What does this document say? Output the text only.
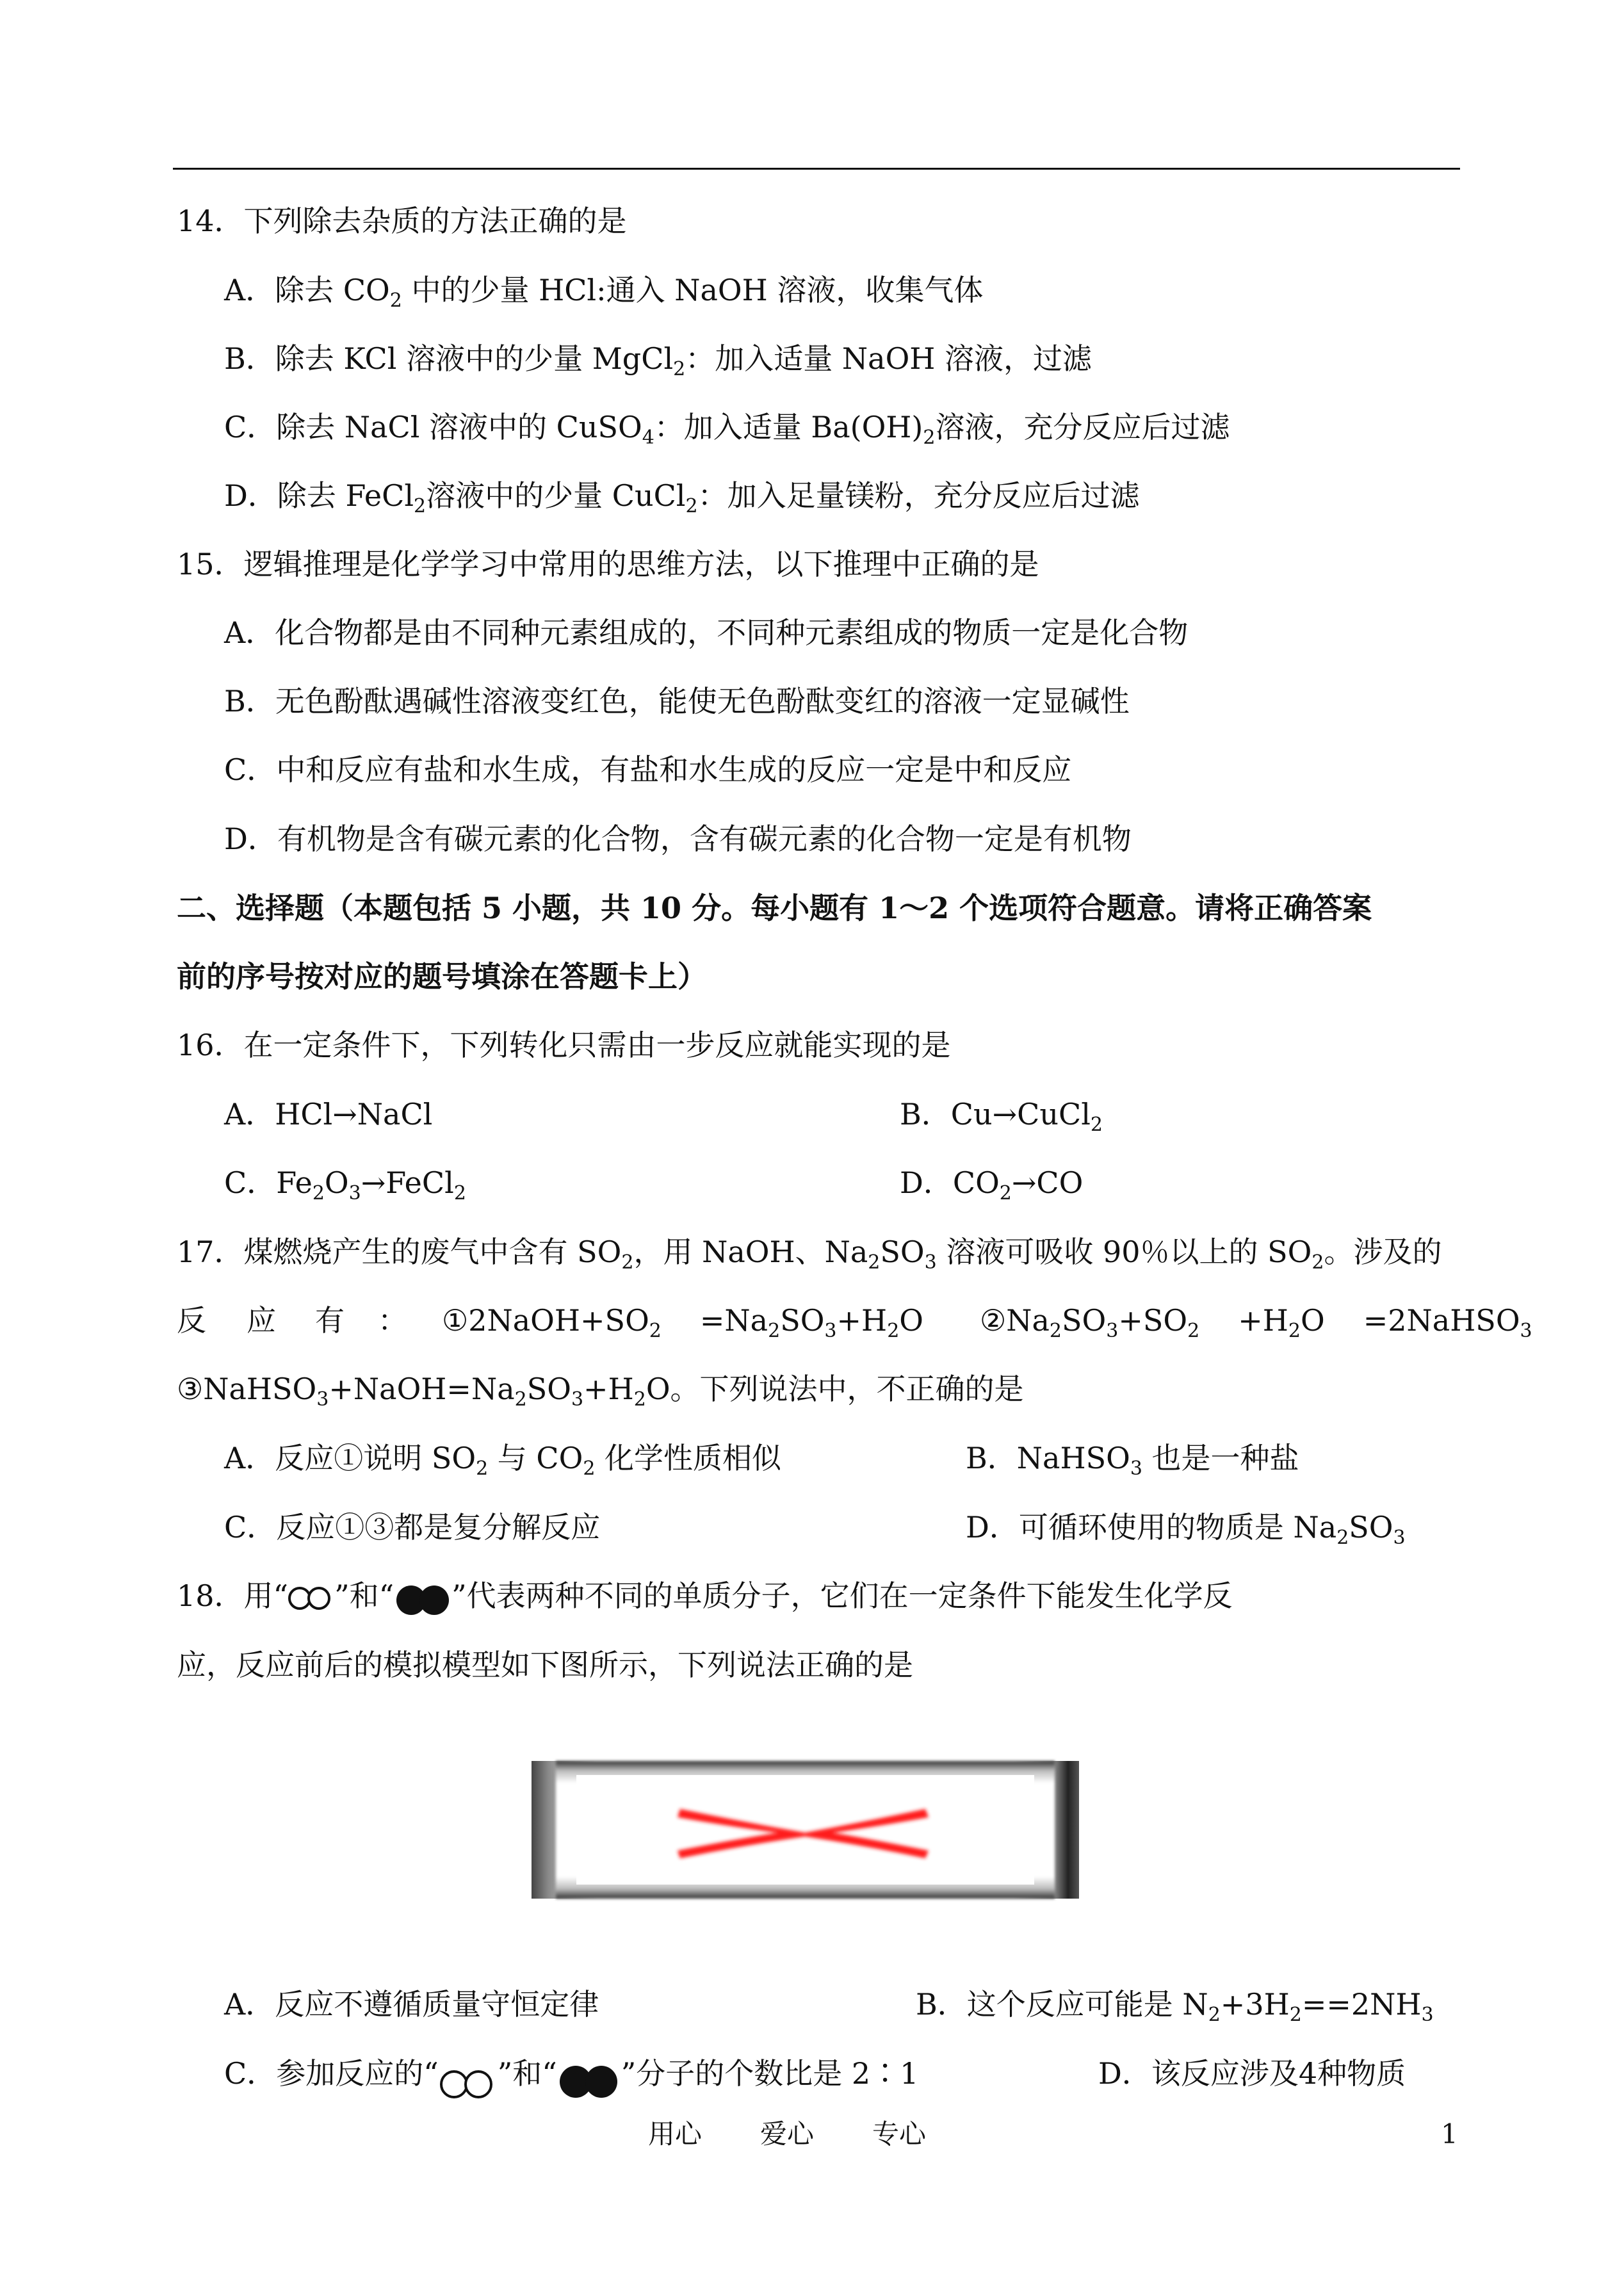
14．下列除去杂质的方法正确的是
A．除去 $CO_2$ 中的少量 HCl:通入 NaOH 溶液，收集气体
B．除去 KCl 溶液中的少量 MgCl$_2$：加入适量 NaOH 溶液，过滤
C．除去 NaCl 溶液中的 CuSO$_4$：加入适量 $Ba(OH)_2$溶液，充分反应后过滤
D．除去 FeCl$_2$溶液中的少量 CuCl$_2$：加入足量镁粉，充分反应后过滤
15．逻辑推理是化学学习中常用的思维方法，以下推理中正确的是
A．化合物都是由不同种元素组成的，不同种元素组成的物质一定是化合物
B．无色酚酞遇碱性溶液变红色，能使无色酚酞变红的溶液一定显碱性
C．中和反应有盐和水生成，有盐和水生成的反应一定是中和反应
D．有机物是含有碳元素的化合物，含有碳元素的化合物一定是有机物
二、选择题（本题包括 5 小题，共 10 分。每小题有 1～2 个选项符合题意。请将正确答案
前的序号按对应的题号填涂在答题卡上）
16．在一定条件下，下列转化只需由一步反应就能实现的是
A．HCl→NaCl	B．Cu→CuCl$_2$
C．$Fe_2O_3\to FeCl_2$	D．$CO_2\to CO$
17．煤燃烧产生的废气中含有 $SO_2$，用 NaOH、$Na_2SO_3$ 溶液可吸收 90％以上的 $SO_2$。涉及的
反 应 有 ： $①2NaOH+SO_2 =Na_2SO_3+H_2O$ $②Na_2SO_3+SO_2 +H_2O$ =2NaHSO$_3$
$③NaHSO_3+NaOH=Na_2SO_3+H_2O$。下列说法中，不正确的是
A．反应①说明 $SO_2$ 与 $CO_2$ 化学性质相似	B．NaHSO$_3$ 也是一种盐
C．反应①③都是复分解反应	D．可循环使用的物质是 $Na_2SO_3$
18．用“ ”和“ ”代表两种不同的单质分子，它们在一定条件下能发生化学反
应，反应前后的模拟模型如下图所示，下列说法正确的是
A．反应不遵循质量守恒定律	B．这个反应可能是 $N_2+3H_2==2NH_3$
C．参加反应的“ ”和“ ”分子的个数比是 2∶1	D．该反应涉及4种物质
用心 爱心 专心	1
